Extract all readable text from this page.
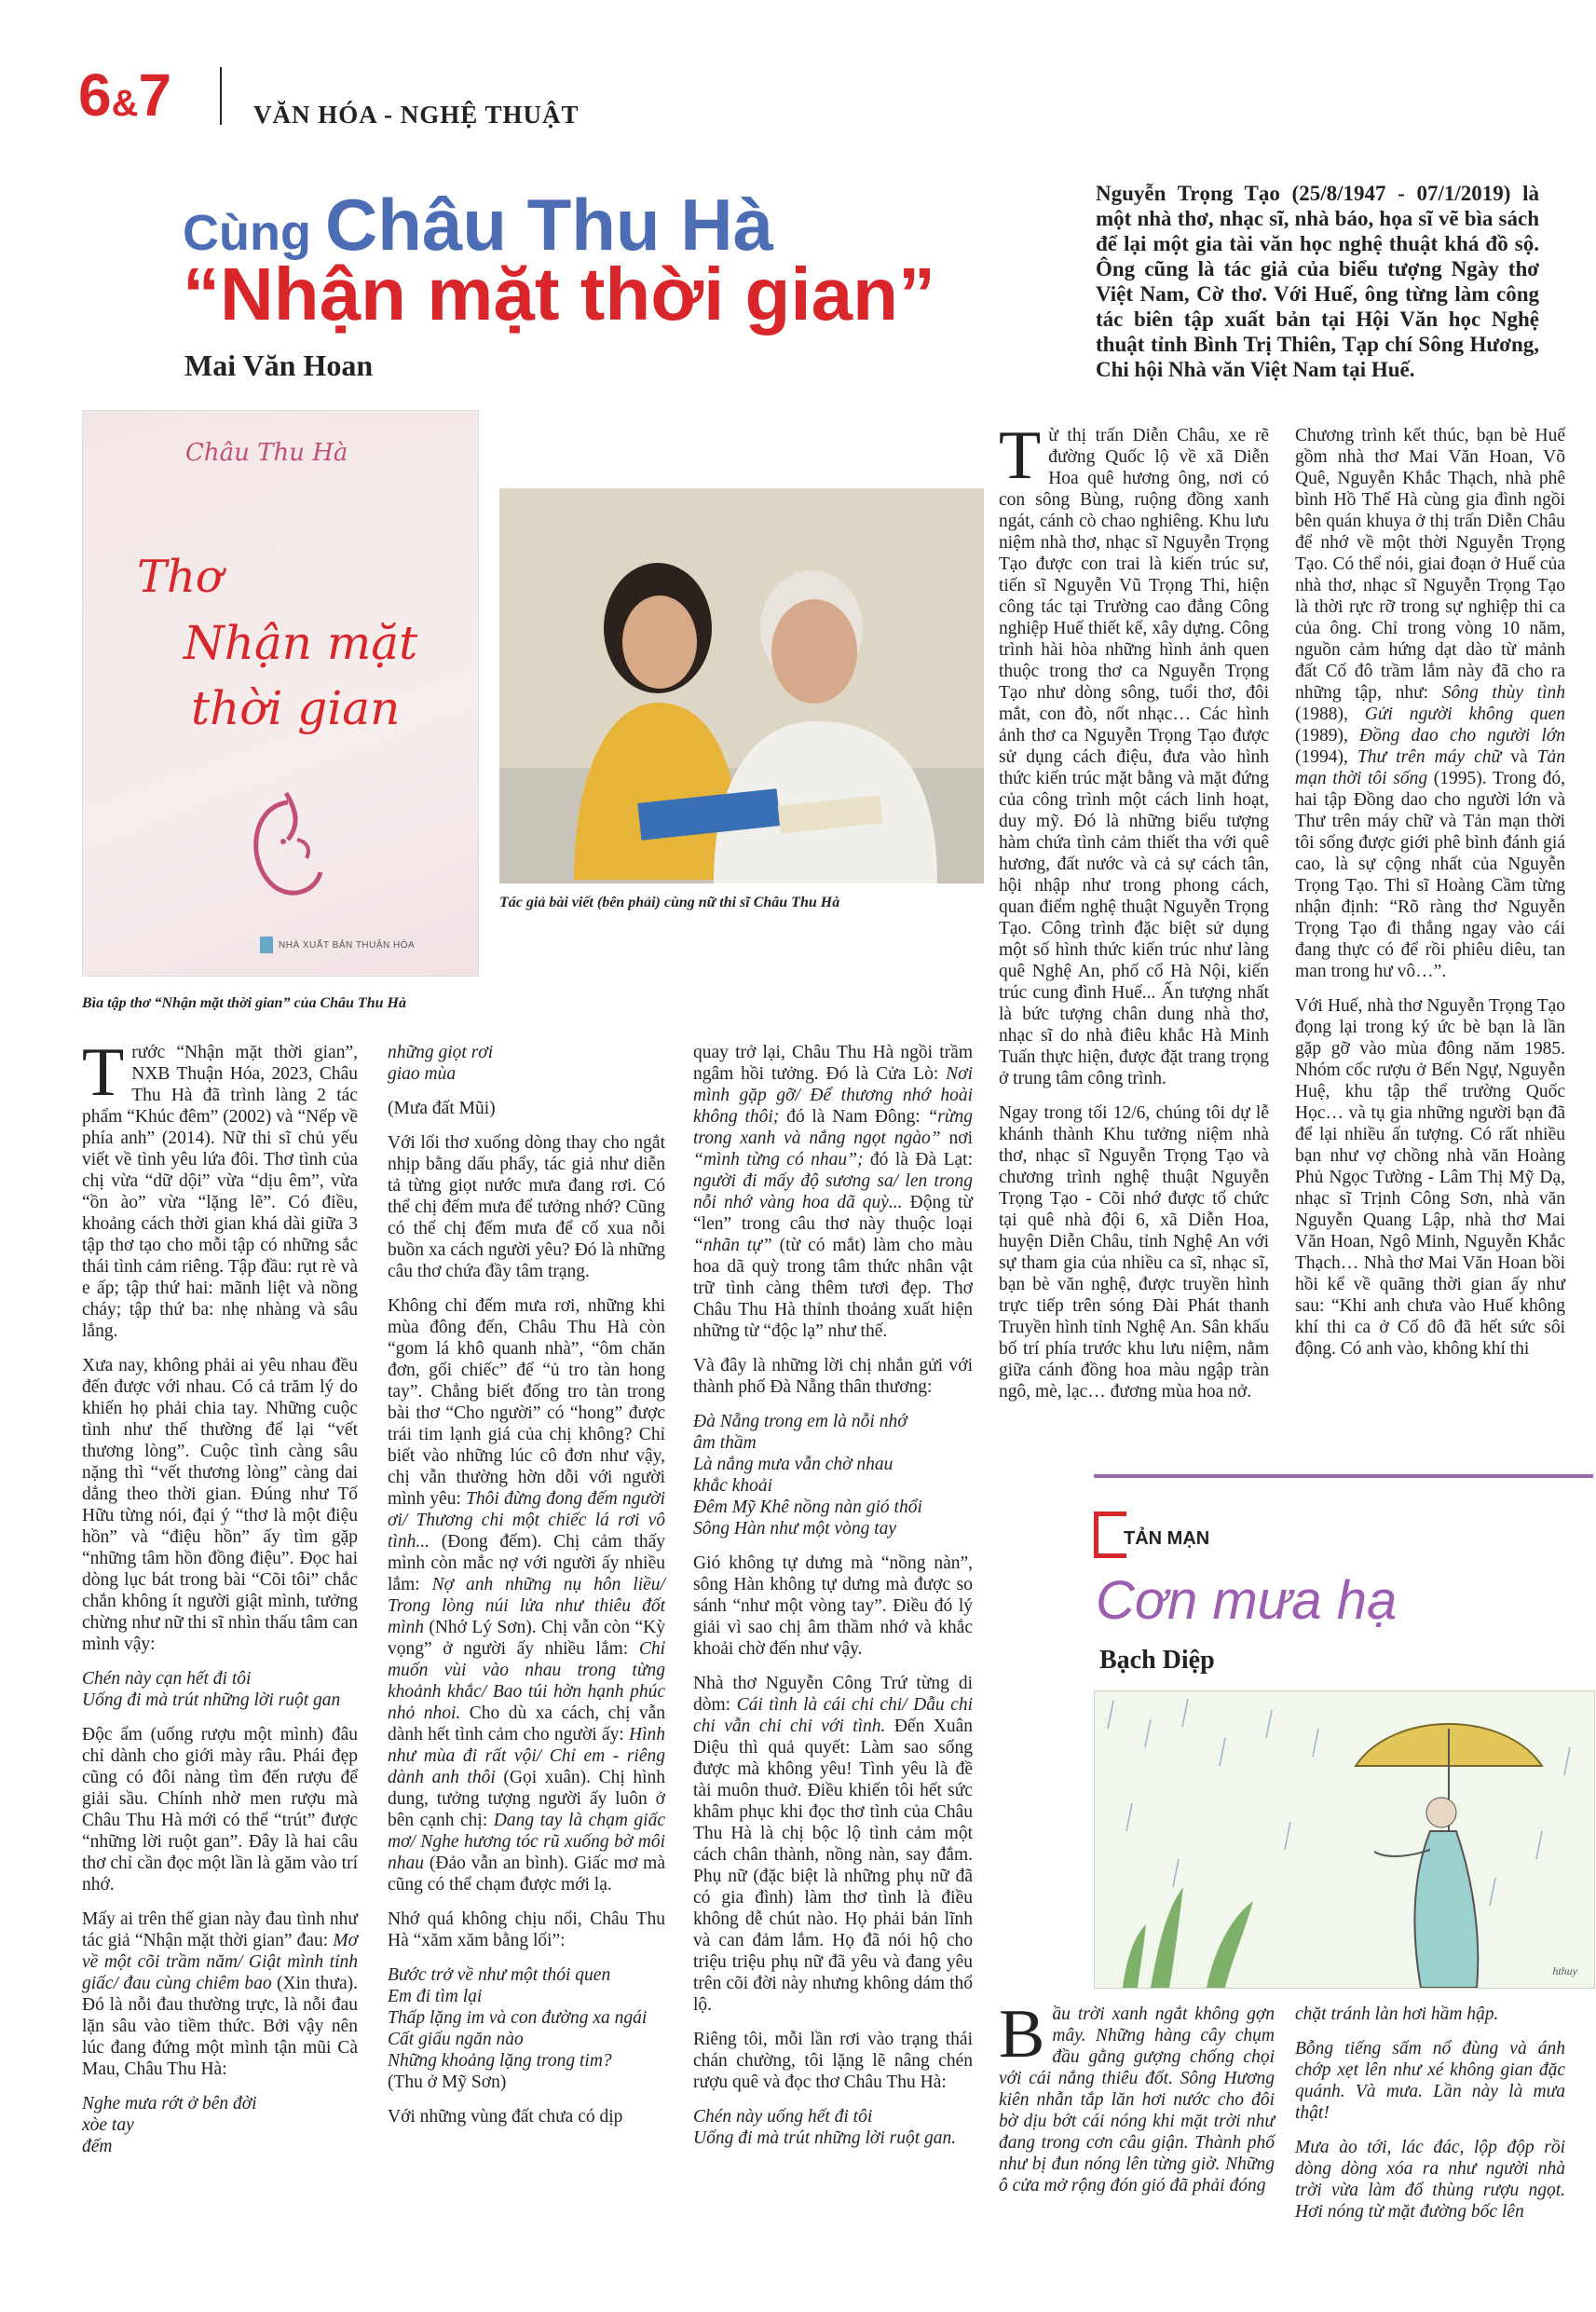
6&7	VĂN HÓA - NGHỆ THUẬT
Cùng Châu Thu Hà
“Nhận mặt thời gian”
Mai Văn Hoan
Nguyễn Trọng Tạo (25/8/1947 - 07/1/2019) là một nhà thơ, nhạc sĩ, nhà báo, họa sĩ vẽ bìa sách để lại một gia tài văn học nghệ thuật khá đồ sộ. Ông cũng là tác giả của biểu tượng Ngày thơ Việt Nam, Cờ thơ. Với Huế, ông từng làm công tác biên tập xuất bản tại Hội Văn học Nghệ thuật tỉnh Bình Trị Thiên, Tạp chí Sông Hương, Chi hội Nhà văn Việt Nam tại Huế.
Châu Thu Hà
Thơ
Nhận mặt
thời gian
NHÀ XUẤT BẢN THUẬN HÓA
Bìa tập thơ “Nhận mặt thời gian” của Châu Thu Hà
Tác giả bài viết (bên phải) cùng nữ thi sĩ Châu Thu Hà

Trước “Nhận mặt thời gian”, NXB Thuận Hóa, 2023, Châu Thu Hà đã trình làng 2 tác phẩm “Khúc đêm” (2002) và “Nếp về phía anh” (2014). Nữ thi sĩ chủ yếu viết về tình yêu lứa đôi. Thơ tình của chị vừa “dữ dội” vừa “dịu êm”, vừa “ồn ào” vừa “lặng lẽ”. Có điều, khoảng cách thời gian khá dài giữa 3 tập thơ tạo cho mỗi tập có những sắc thái tình cảm riêng. Tập đầu: rụt rè và e ấp; tập thứ hai: mãnh liệt và nồng cháy; tập thứ ba: nhẹ nhàng và sâu lắng.

Xưa nay, không phải ai yêu nhau đều đến được với nhau. Có cả trăm lý do khiến họ phải chia tay. Những cuộc tình như thế thường để lại “vết thương lòng”. Cuộc tình càng sâu nặng thì “vết thương lòng” càng dai dẳng theo thời gian. Đúng như Tố Hữu từng nói, đại ý “thơ là một điệu hồn” và “điệu hồn” ấy tìm gặp “những tâm hồn đồng điệu”. Đọc hai dòng lục bát trong bài “Cõi tôi” chắc chắn không ít người giật mình, tưởng chừng như nữ thi sĩ nhìn thấu tâm can mình vậy:

Chén này cạn hết đi tôi
Uống đi mà trút những lời ruột gan

Độc ẩm (uống rượu một mình) đâu chỉ dành cho giới mày râu. Phái đẹp cũng có đôi nàng tìm đến rượu để giải sầu. Chính nhờ men rượu mà Châu Thu Hà mới có thể “trút” được “những lời ruột gan”. Đây là hai câu thơ chỉ cần đọc một lần là găm vào trí nhớ.

Mấy ai trên thế gian này đau tình như tác giả “Nhận mặt thời gian” đau: Mơ về một cõi trầm năm/ Giật mình tỉnh giấc/ đau cùng chiêm bao (Xin thưa). Đó là nỗi đau thường trực, là nỗi đau lặn sâu vào tiềm thức. Bởi vậy nên lúc đang đứng một mình tận mũi Cà Mau, Châu Thu Hà:

Nghe mưa rớt ở bên đời
xòe tay
đếm
những giọt rơi
giao mùa

(Mưa đất Mũi)

Với lối thơ xuống dòng thay cho ngắt nhịp bằng dấu phẩy, tác giả như diễn tả từng giọt nước mưa đang rơi. Có thể chị đếm mưa để tưởng nhớ? Cũng có thể chị đếm mưa để cố xua nỗi buồn xa cách người yêu? Đó là những câu thơ chứa đầy tâm trạng.

Không chỉ đếm mưa rơi, những khi mùa đông đến, Châu Thu Hà còn “gom lá khô quanh nhà”, “ôm chăn đơn, gối chiếc” để “ủ tro tàn hong tay”. Chẳng biết đống tro tàn trong bài thơ “Cho người” có “hong” được trái tim lạnh giá của chị không? Chỉ biết vào những lúc cô đơn như vậy, chị vẫn thường hờn dỗi với người mình yêu: Thôi đừng đong đếm người ơi/ Thương chi một chiếc lá rơi vô tình... (Đong đếm). Chị cảm thấy mình còn mắc nợ với người ấy nhiều lắm: Nợ anh những nụ hôn liều/ Trong lòng núi lửa như thiêu đốt mình (Nhớ Lý Sơn). Chị vẫn còn “Kỳ vọng” ở người ấy nhiều lắm: Chỉ muốn vùi vào nhau trong từng khoảnh khắc/ Bao túi hờn hạnh phúc nhỏ nhoi. Cho dù xa cách, chị vẫn dành hết tình cảm cho người ấy: Hình như mùa đi rất vội/ Chỉ em - riêng dành anh thôi (Gọi xuân). Chị hình dung, tưởng tượng người ấy luôn ở bên cạnh chị: Dang tay là chạm giấc mơ/ Nghe hương tóc rũ xuống bờ môi nhau (Đảo vẫn an bình). Giấc mơ mà cũng có thể chạm được mới lạ.

Nhớ quá không chịu nổi, Châu Thu Hà “xăm xăm bằng lối”:

Bước trở về như một thói quen
Em đi tìm lại
Thấp lặng im và con đường xa ngái
Cất giấu ngăn nào
Những khoảng lặng trong tim?

(Thu ở Mỹ Sơn)

Với những vùng đất chưa có dịp

quay trở lại, Châu Thu Hà ngồi trầm ngâm hồi tưởng. Đó là Cửa Lò: Nơi mình gặp gỡ/ Để thương nhớ hoài không thôi; đó là Nam Đông: “rừng trong xanh và nắng ngọt ngào” nơi “mình từng có nhau”; đó là Đà Lạt: người đi mấy độ sương sa/ len trong nỗi nhớ vàng hoa dã quỳ... Động từ “len” trong câu thơ này thuộc loại “nhãn tự” (từ có mắt) làm cho màu hoa dã quỳ trong tâm thức nhân vật trữ tình càng thêm tươi đẹp. Thơ Châu Thu Hà thỉnh thoảng xuất hiện những từ “độc lạ” như thế.

Và đây là những lời chị nhắn gửi với thành phố Đà Nẵng thân thương:

Đà Nẵng trong em là nỗi nhớ
âm thầm
Là nắng mưa vẫn chờ nhau
khắc khoải
Đêm Mỹ Khê nồng nàn gió thổi
Sông Hàn như một vòng tay

Gió không tự dưng mà “nồng nàn”, sông Hàn không tự dưng mà được so sánh “như một vòng tay”. Điều đó lý giải vì sao chị âm thầm nhớ và khắc khoải chờ đến như vậy.

Nhà thơ Nguyễn Công Trứ từng di dòm: Cái tình là cái chi chi/ Dẫu chi chi vẫn chi chi với tình. Đến Xuân Diệu thì quả quyết: Làm sao sống được mà không yêu! Tình yêu là đề tài muôn thuở. Điều khiến tôi hết sức khâm phục khi đọc thơ tình của Châu Thu Hà là chị bộc lộ tình cảm một cách chân thành, nồng nàn, say đắm. Phụ nữ (đặc biệt là những phụ nữ đã có gia đình) làm thơ tình là điều không dễ chút nào. Họ phải bản lĩnh và can đảm lắm. Họ đã nói hộ cho triệu triệu phụ nữ đã yêu và đang yêu trên cõi đời này nhưng không dám thổ lộ.

Riêng tôi, mỗi lần rơi vào trạng thái chán chường, tôi lặng lẽ nâng chén rượu quê và đọc thơ Châu Thu Hà:

Chén này uống hết đi tôi
Uống đi mà trút những lời ruột gan.

Từ thị trấn Diễn Châu, xe rẽ đường Quốc lộ về xã Diễn Hoa quê hương ông, nơi có con sông Bùng, ruộng đồng xanh ngát, cánh cò chao nghiêng. Khu lưu niệm nhà thơ, nhạc sĩ Nguyễn Trọng Tạo được con trai là kiến trúc sư, tiến sĩ Nguyễn Vũ Trọng Thi, hiện công tác tại Trường cao đẳng Công nghiệp Huế thiết kế, xây dựng. Công trình hài hòa những hình ảnh quen thuộc trong thơ ca Nguyễn Trọng Tạo như dòng sông, tuổi thơ, đôi mắt, con đò, nốt nhạc… Các hình ảnh thơ ca Nguyễn Trọng Tạo được sử dụng cách điệu, đưa vào hình thức kiến trúc mặt bằng và mặt đứng của công trình một cách linh hoạt, duy mỹ. Đó là những biểu tượng hàm chứa tình cảm thiết tha với quê hương, đất nước và cả sự cách tân, hội nhập như trong phong cách, quan điểm nghệ thuật Nguyễn Trọng Tạo. Công trình đặc biệt sử dụng một số hình thức kiến trúc như làng quê Nghệ An, phố cổ Hà Nội, kiến trúc cung đình Huế... Ấn tượng nhất là bức tượng chân dung nhà thơ, nhạc sĩ do nhà điêu khắc Hà Minh Tuấn thực hiện, được đặt trang trọng ở trung tâm công trình.

Ngay trong tối 12/6, chúng tôi dự lễ khánh thành Khu tưởng niệm nhà thơ, nhạc sĩ Nguyễn Trọng Tạo và chương trình nghệ thuật Nguyễn Trọng Tạo - Cõi nhớ được tổ chức tại quê nhà đội 6, xã Diễn Hoa, huyện Diễn Châu, tỉnh Nghệ An với sự tham gia của nhiều ca sĩ, nhạc sĩ, bạn bè văn nghệ, được truyền hình trực tiếp trên sóng Đài Phát thanh Truyền hình tỉnh Nghệ An. Sân khấu bố trí phía trước khu lưu niệm, nằm giữa cánh đồng hoa màu ngập tràn ngô, mè, lạc… đương mùa hoa nở.

Chương trình kết thúc, bạn bè Huế gồm nhà thơ Mai Văn Hoan, Võ Quê, Nguyễn Khắc Thạch, nhà phê bình Hồ Thế Hà cùng gia đình ngồi bên quán khuya ở thị trấn Diễn Châu để nhớ về một thời Nguyễn Trọng Tạo. Có thể nói, giai đoạn ở Huế của nhà thơ, nhạc sĩ Nguyễn Trọng Tạo là thời rực rỡ trong sự nghiệp thi ca của ông. Chỉ trong vòng 10 năm, nguồn cảm hứng dạt dào từ mảnh đất Cố đô trầm lắm này đã cho ra những tập, như: Sông thùy tình (1988), Gửi người không quen (1989), Đồng dao cho người lớn (1994), Thư trên máy chữ và Tản mạn thời tôi sống (1995). Trong đó, hai tập Đồng dao cho người lớn và Thư trên máy chữ và Tản mạn thời tôi sống được giới phê bình đánh giá cao, là sự cộng nhất của Nguyễn Trọng Tạo. Thi sĩ Hoàng Cầm từng nhận định: “Rõ ràng thơ Nguyễn Trọng Tạo đi thẳng ngay vào cái đang thực có để rồi phiêu diêu, tan man trong hư vô…”.

Với Huế, nhà thơ Nguyễn Trọng Tạo đọng lại trong ký ức bè bạn là lần gặp gỡ vào mùa đông năm 1985. Nhóm cốc rượu ở Bến Ngự, Nguyễn Huệ, khu tập thể trường Quốc Học… và tụ gia những người bạn đã để lại nhiều ấn tượng. Có rất nhiều bạn như vợ chồng nhà văn Hoàng Phủ Ngọc Tường - Lâm Thị Mỹ Dạ, nhạc sĩ Trịnh Công Sơn, nhà văn Nguyễn Quang Lập, nhà thơ Mai Văn Hoan, Ngô Minh, Nguyễn Khắc Thạch… Nhà thơ Mai Văn Hoan bồi hồi kể về quãng thời gian ấy như sau: “Khi anh chưa vào Huế không khí thi ca ở Cố đô đã hết sức sôi động. Có anh vào, không khí thi

TẢN MẠN
Cơn mưa hạ
Bạch Diệp
hthuy

Bầu trời xanh ngắt không gợn mây. Những hàng cây chụm đầu gằng gượng chống chọi với cái nắng thiêu đốt. Sông Hương kiên nhẫn tắp lăn hơi nước cho đôi bờ dịu bớt cái nóng khi mặt trời như đang trong cơn câu giận. Thành phố như bị đun nóng lên từng giờ. Những ô cửa mở rộng đón gió đã phải đóng

chặt tránh làn hơi hầm hập.

Bỗng tiếng sấm nổ đùng và ánh chớp xẹt lên như xé không gian đặc quánh. Và mưa. Lần này là mưa thật!

Mưa ào tới, lác đác, lộp độp rồi dòng dòng xóa ra như người nhà trời vừa làm đổ thùng rượu ngọt. Hơi nóng từ mặt đường bốc lên
